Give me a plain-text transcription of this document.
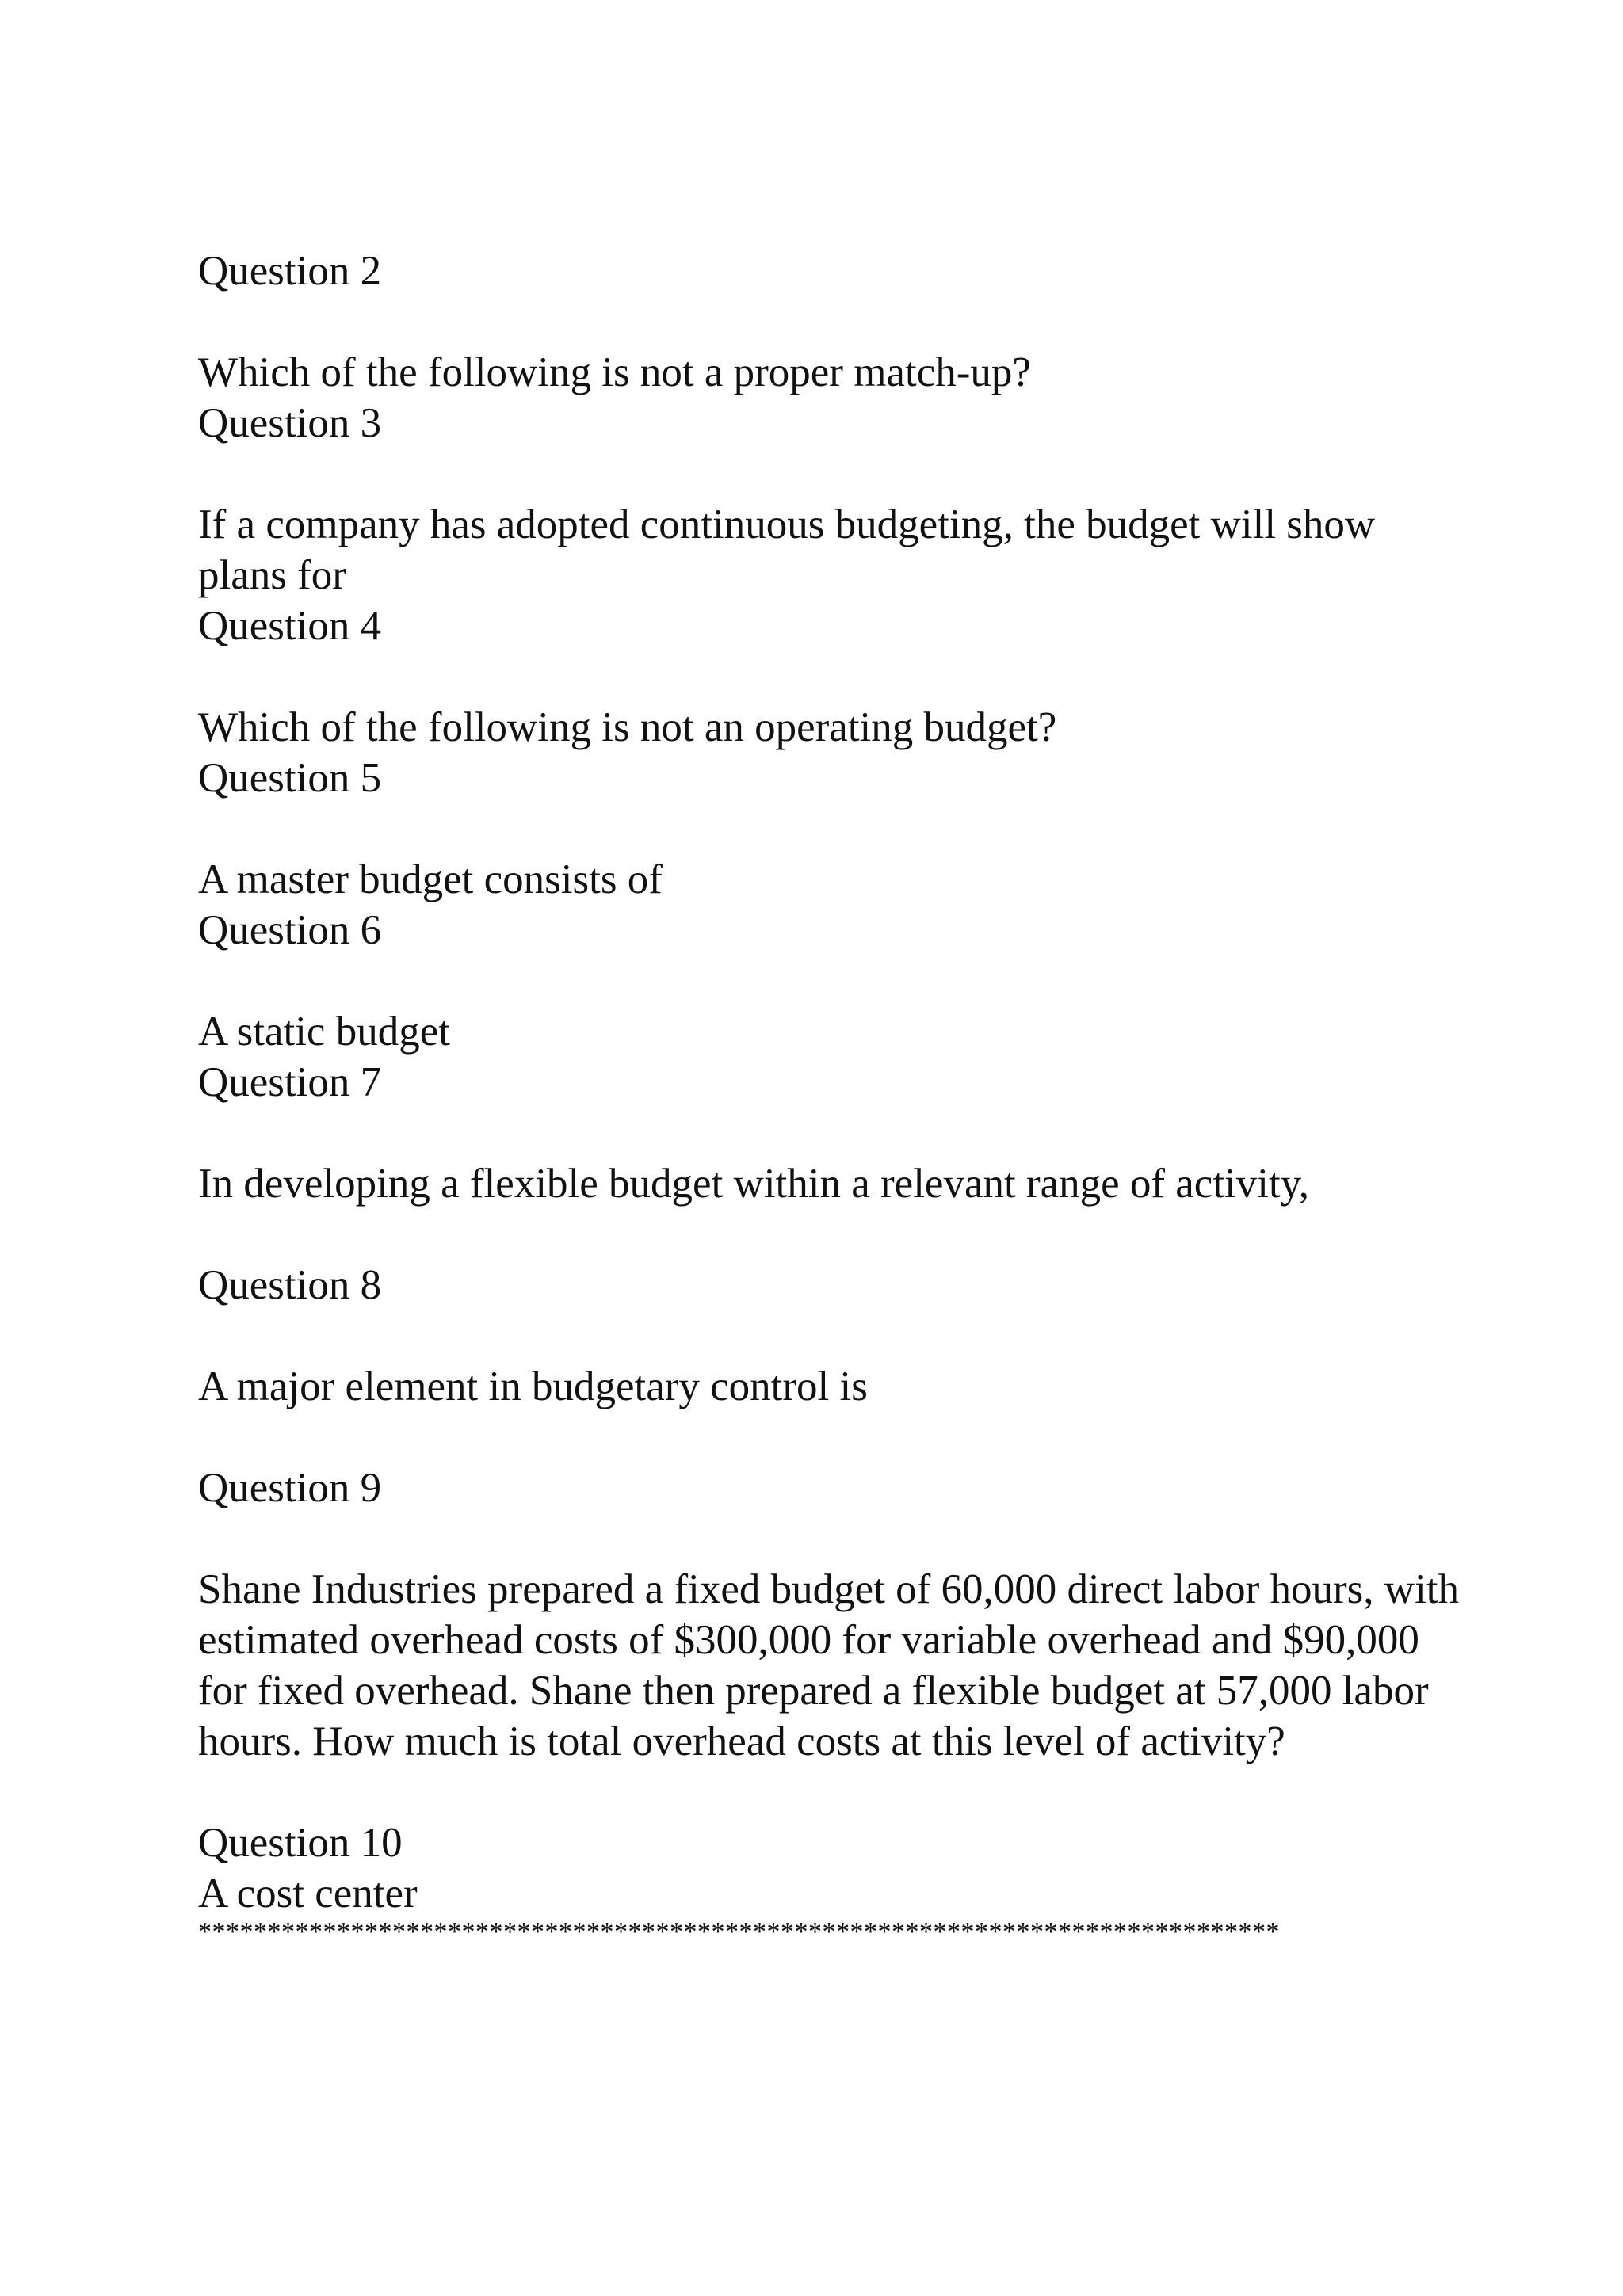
Question 2
Which of the following is not a proper match-up?
Question 3
If a company has adopted continuous budgeting, the budget will show plans for
Question 4
Which of the following is not an operating budget?
Question 5
A master budget consists of
Question 6
A static budget
Question 7
In developing a flexible budget within a relevant range of activity,
Question 8
A major element in budgetary control is
Question 9
Shane Industries prepared a fixed budget of 60,000 direct labor hours, with estimated overhead costs of $300,000 for variable overhead and $90,000 for fixed overhead. Shane then prepared a flexible budget at 57,000 labor hours. How much is total overhead costs at this level of activity?
Question 10
A cost center
******************************************************************************
